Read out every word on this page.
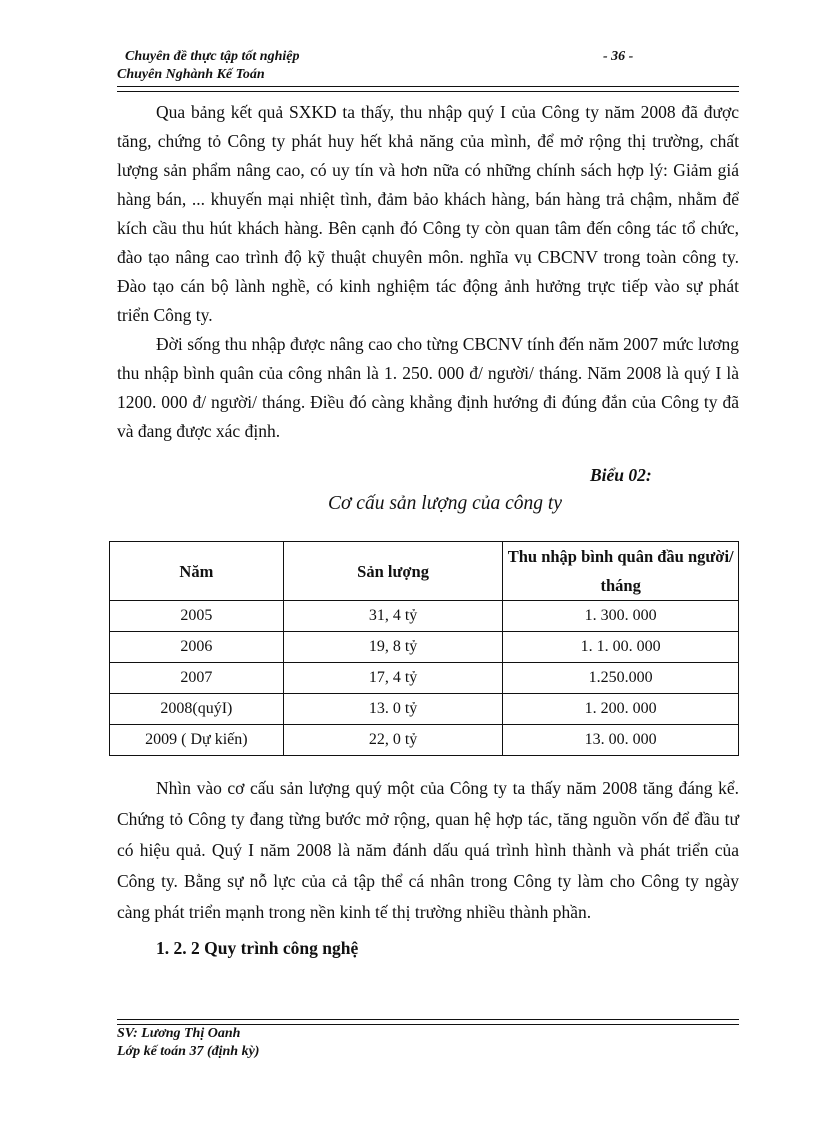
Chuyên đề thực tập tốt nghiệp	- 36 -
Chuyên Nghành Kế Toán

Qua bảng kết quả SXKD ta thấy, thu nhập quý I của Công ty năm 2008 đã được tăng, chứng tỏ Công ty phát huy hết khả năng của mình, để mở rộng thị trường, chất lượng sản phẩm nâng cao, có uy tín và hơn nữa có những chính sách hợp lý: Giảm giá hàng bán, ... khuyến mại nhiệt tình, đảm bảo khách hàng, bán hàng trả chậm, nhằm để kích cầu thu hút khách hàng. Bên cạnh đó Công ty còn quan tâm đến công tác tổ chức, đào tạo nâng cao trình độ kỹ thuật chuyên môn. nghĩa vụ CBCNV trong toàn công ty. Đào tạo cán bộ lành nghề, có kinh nghiệm tác động ảnh hưởng trực tiếp vào sự phát triển Công ty.

Đời sống thu nhập được nâng cao cho từng CBCNV tính đến năm 2007 mức lương thu nhập bình quân của công nhân là 1. 250. 000 đ/ người/ tháng. Năm 2008 là quý I là 1200. 000 đ/ người/ tháng. Điều đó càng khẳng định hướng đi đúng đắn của Công ty đã và đang được xác định.

Biểu 02:
Cơ cấu sản lượng của công ty
Năm	Sản lượng	Thu nhập bình quân đầu người/ tháng
2005	31, 4 tỷ	1. 300. 000
2006	19, 8 tỷ	1. 1. 00. 000
2007	17, 4 tỷ	1.250.000
2008(quýI)	13. 0 tỷ	1. 200. 000
2009 ( Dự kiến)	22, 0 tỷ	13. 00. 000

Nhìn vào cơ cấu sản lượng quý một của Công ty ta thấy năm 2008 tăng đáng kể. Chứng tỏ Công ty đang từng bước mở rộng, quan hệ hợp tác, tăng nguồn vốn để đầu tư có hiệu quả. Quý I năm 2008 là năm đánh dấu quá trình hình thành và phát triển của Công ty. Bằng sự nỗ lực của cả tập thể cá nhân trong Công ty làm cho Công ty ngày càng phát triển mạnh trong nền kinh tế thị trường nhiều thành phần.

1. 2. 2 Quy trình công nghệ
SV: Lương Thị Oanh
Lớp kế toán 37 (định kỳ)
